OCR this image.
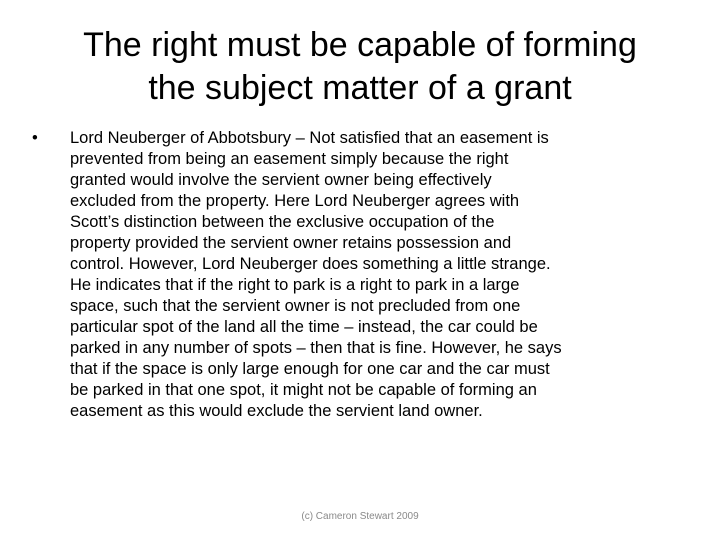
The right must be capable of forming
the subject matter of a grant
• Lord Neuberger of Abbotsbury – Not satisfied that an easement is
prevented from being an easement simply because the right
granted would involve the servient owner being effectively
excluded from the property. Here Lord Neuberger agrees with
Scott’s distinction between the exclusive occupation of the
property provided the servient owner retains possession and
control. However, Lord Neuberger does something a little strange.
He indicates that if the right to park is a right to park in a large
space, such that the servient owner is not precluded from one
particular spot of the land all the time – instead, the car could be
parked in any number of spots – then that is fine. However, he says
that if the space is only large enough for one car and the car must
be parked in that one spot, it might not be capable of forming an
easement as this would exclude the servient land owner.
(c) Cameron Stewart 2009
